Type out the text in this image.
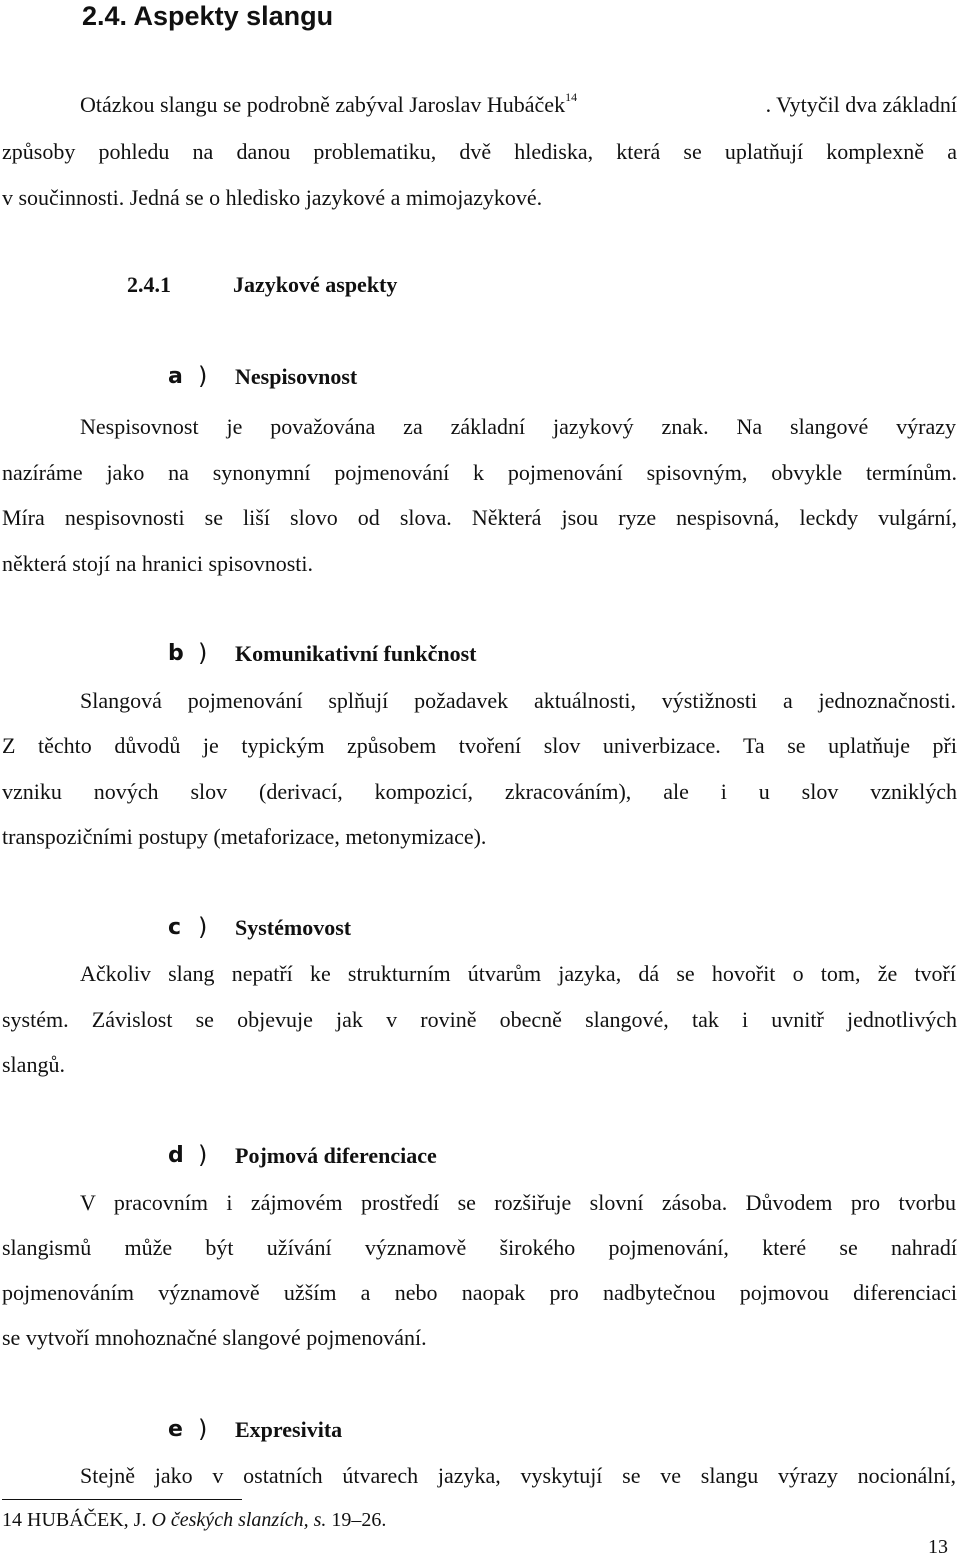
2.4. Aspekty slangu
Otázkou slangu se podrobně zabýval Jaroslav Hubáček$^{14}$	. Vytyčil dva základní
způsoby pohledu na danou problematiku, dvě hlediska, která se uplatňují komplexně a
v součinnosti. Jedná se o hledisko jazykové a mimojazykové.
2.4.1	Jazykové aspekty
a ) Nespisovnost
Nespisovnost je považována za základní jazykový znak. Na slangové výrazy
nazíráme jako na synonymní pojmenování k pojmenování spisovným, obvykle termínům.
Míra nespisovnosti se liší slovo od slova. Některá jsou ryze nespisovná, leckdy vulgární,
některá stojí na hranici spisovnosti.
b ) Komunikativní funkčnost
Slangová pojmenování splňují požadavek aktuálnosti, výstižnosti a jednoznačnosti.
Z těchto důvodů je typickým způsobem tvoření slov univerbizace. Ta se uplatňuje při
vzniku nových slov (derivací, kompozicí, zkracováním), ale i u slov vzniklých
transpozičními postupy (metaforizace, metonymizace).
c ) Systémovost
Ačkoliv slang nepatří ke strukturním útvarům jazyka, dá se hovořit o tom, že tvoří
systém. Závislost se objevuje jak v rovině obecně slangové, tak i uvnitř jednotlivých
slangů.
d ) Pojmová diferenciace
V pracovním i zájmovém prostředí se rozšiřuje slovní zásoba. Důvodem pro tvorbu
slangismů může být užívání významově širokého pojmenování, které se nahradí
pojmenováním významově užším a nebo naopak pro nadbytečnou pojmovou diferenciaci
se vytvoří mnohoznačné slangové pojmenování.
e ) Expresivita
Stejně jako v ostatních útvarech jazyka, vyskytují se ve slangu výrazy nocionální,
14 HUBÁČEK, J. O českých slanzích, s. 19–26.
13
